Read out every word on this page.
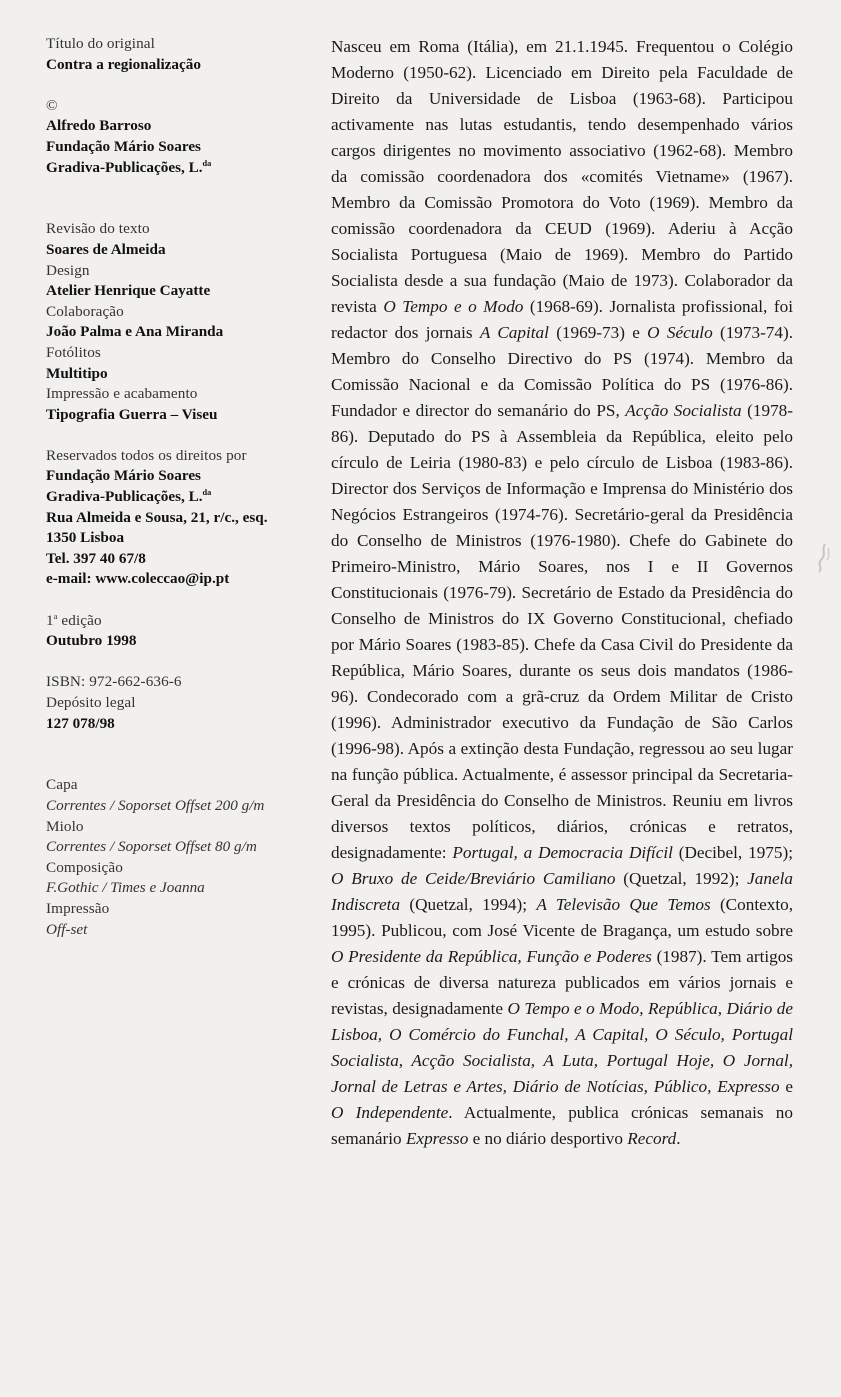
Título do original
Contra a regionalização
©
Alfredo Barroso
Fundação Mário Soares
Gradiva-Publicações, L.$^{da}$
Revisão do texto
Soares de Almeida
Design
Atelier Henrique Cayatte
Colaboração
João Palma e Ana Miranda
Fotólitos
Multitipo
Impressão e acabamento
Tipografia Guerra – Viseu
Reservados todos os direitos por
Fundação Mário Soares
Gradiva-Publicações, L.$^{da}$
Rua Almeida e Sousa, 21, r/c., esq.
1350 Lisboa
Tel. 397 40 67/8
e-mail: www.coleccao@ip.pt
1$^a$ edição
Outubro 1998
ISBN: 972-662-636-6
Depósito legal
127 078/98
Capa
Correntes / Soporset Offset 200 g/m
Miolo
Correntes / Soporset Offset 80 g/m
Composição
F.Gothic / Times e Joanna
Impressão
Off-set

Nasceu em Roma (Itália), em 21.1.1945. Frequentou o Colégio Moderno (1950-62). Licenciado em Direito pela Faculdade de Direito da Universidade de Lisboa (1963-68). Participou activamente nas lutas estudantis, tendo desempenhado vários cargos dirigentes no movimento associativo (1962-68). Membro da comissão coordenadora dos «comités Vietname» (1967). Membro da Comissão Promotora do Voto (1969). Membro da comissão coordenadora da CEUD (1969). Aderiu à Acção Socialista Portuguesa (Maio de 1969). Membro do Partido Socialista desde a sua fundação (Maio de 1973). Colaborador da revista O Tempo e o Modo (1968-69). Jornalista profissional, foi redactor dos jornais A Capital (1969-73) e O Século (1973-74). Membro do Conselho Directivo do PS (1974). Membro da Comissão Nacional e da Comissão Política do PS (1976-86). Fundador e director do semanário do PS, Acção Socialista (1978-86). Deputado do PS à Assembleia da República, eleito pelo círculo de Leiria (1980-83) e pelo círculo de Lisboa (1983-86). Director dos Serviços de Informação e Imprensa do Ministério dos Negócios Estrangeiros (1974-76). Secretário-geral da Presidência do Conselho de Ministros (1976-1980). Chefe do Gabinete do Primeiro-Ministro, Mário Soares, nos I e II Governos Constitucionais (1976-79). Secretário de Estado da Presidência do Conselho de Ministros do IX Governo Constitucional, chefiado por Mário Soares (1983-85). Chefe da Casa Civil do Presidente da República, Mário Soares, durante os seus dois mandatos (1986-96). Condecorado com a grã-cruz da Ordem Militar de Cristo (1996). Administrador executivo da Fundação de São Carlos (1996-98). Após a extinção desta Fundação, regressou ao seu lugar na função pública. Actualmente, é assessor principal da Secretaria-Geral da Presidência do Conselho de Ministros. Reuniu em livros diversos textos políticos, diários, crónicas e retratos, designadamente: Portugal, a Democracia Difícil (Decibel, 1975); O Bruxo de Ceide/Breviário Camiliano (Quetzal, 1992); Janela Indiscreta (Quetzal, 1994); A Televisão Que Temos (Contexto, 1995). Publicou, com José Vicente de Bragança, um estudo sobre O Presidente da República, Função e Poderes (1987). Tem artigos e crónicas de diversa natureza publicados em vários jornais e revistas, designadamente O Tempo e o Modo, República, Diário de Lisboa, O Comércio do Funchal, A Capital, O Século, Portugal Socialista, Acção Socialista, A Luta, Portugal Hoje, O Jornal, Jornal de Letras e Artes, Diário de Notícias, Público, Expresso e O Independente. Actualmente, publica crónicas semanais no semanário Expresso e no diário desportivo Record.
